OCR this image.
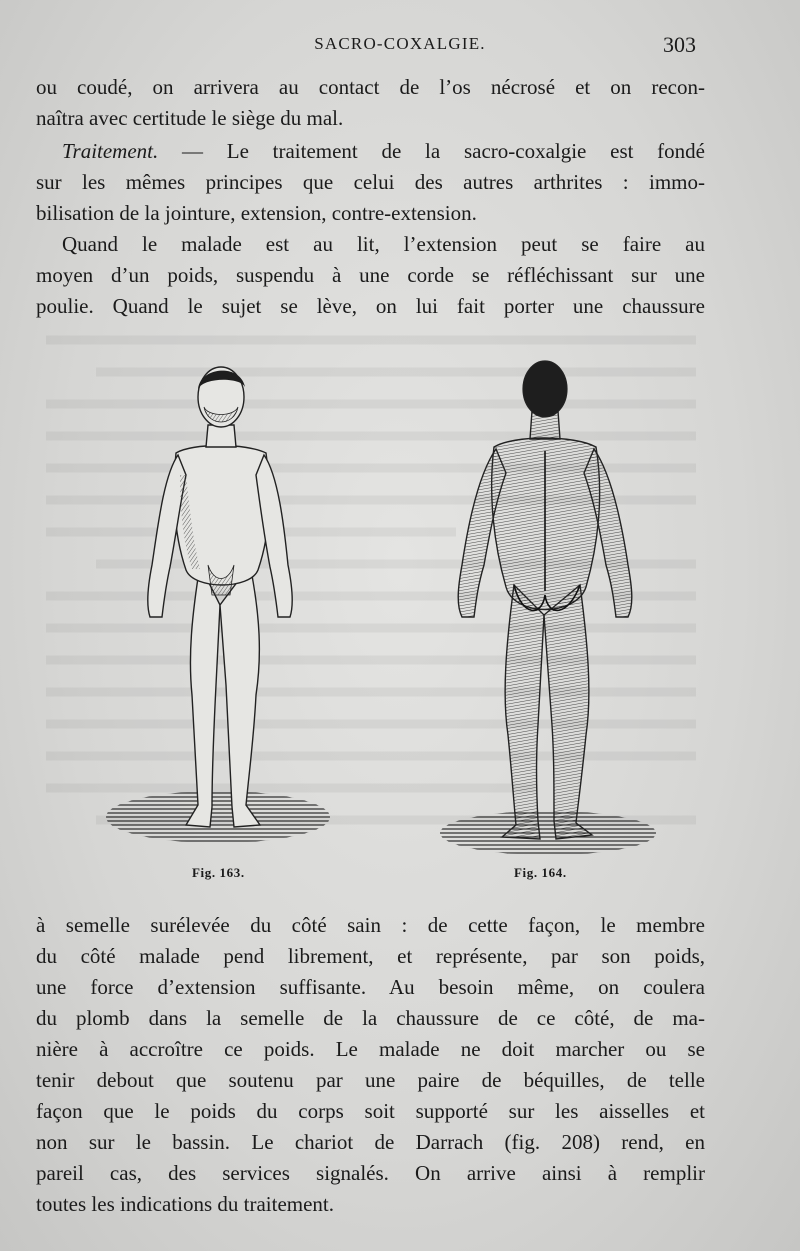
SACRO-COXALGIE.	303
ou coudé, on arrivera au contact de l’os nécrosé et on recon-
naîtra avec certitude le siège du mal.
Traitement. — Le traitement de la sacro-coxalgie est fondé
sur les mêmes principes que celui des autres arthrites : immo-
bilisation de la jointure, extension, contre-extension.
Quand le malade est au lit, l’extension peut se faire au
moyen d’un poids, suspendu à une corde se réfléchissant sur une
poulie. Quand le sujet se lève, on lui fait porter une chaussure
Fig. 163.	Fig. 164.
à semelle surélevée du côté sain : de cette façon, le membre
du côté malade pend librement, et représente, par son poids,
une force d’extension suffisante. Au besoin même, on coulera
du plomb dans la semelle de la chaussure de ce côté, de ma-
nière à accroître ce poids. Le malade ne doit marcher ou se
tenir debout que soutenu par une paire de béquilles, de telle
façon que le poids du corps soit supporté sur les aisselles et
non sur le bassin. Le chariot de Darrach (fig. 208) rend, en
pareil cas, des services signalés. On arrive ainsi à remplir
toutes les indications du traitement.
